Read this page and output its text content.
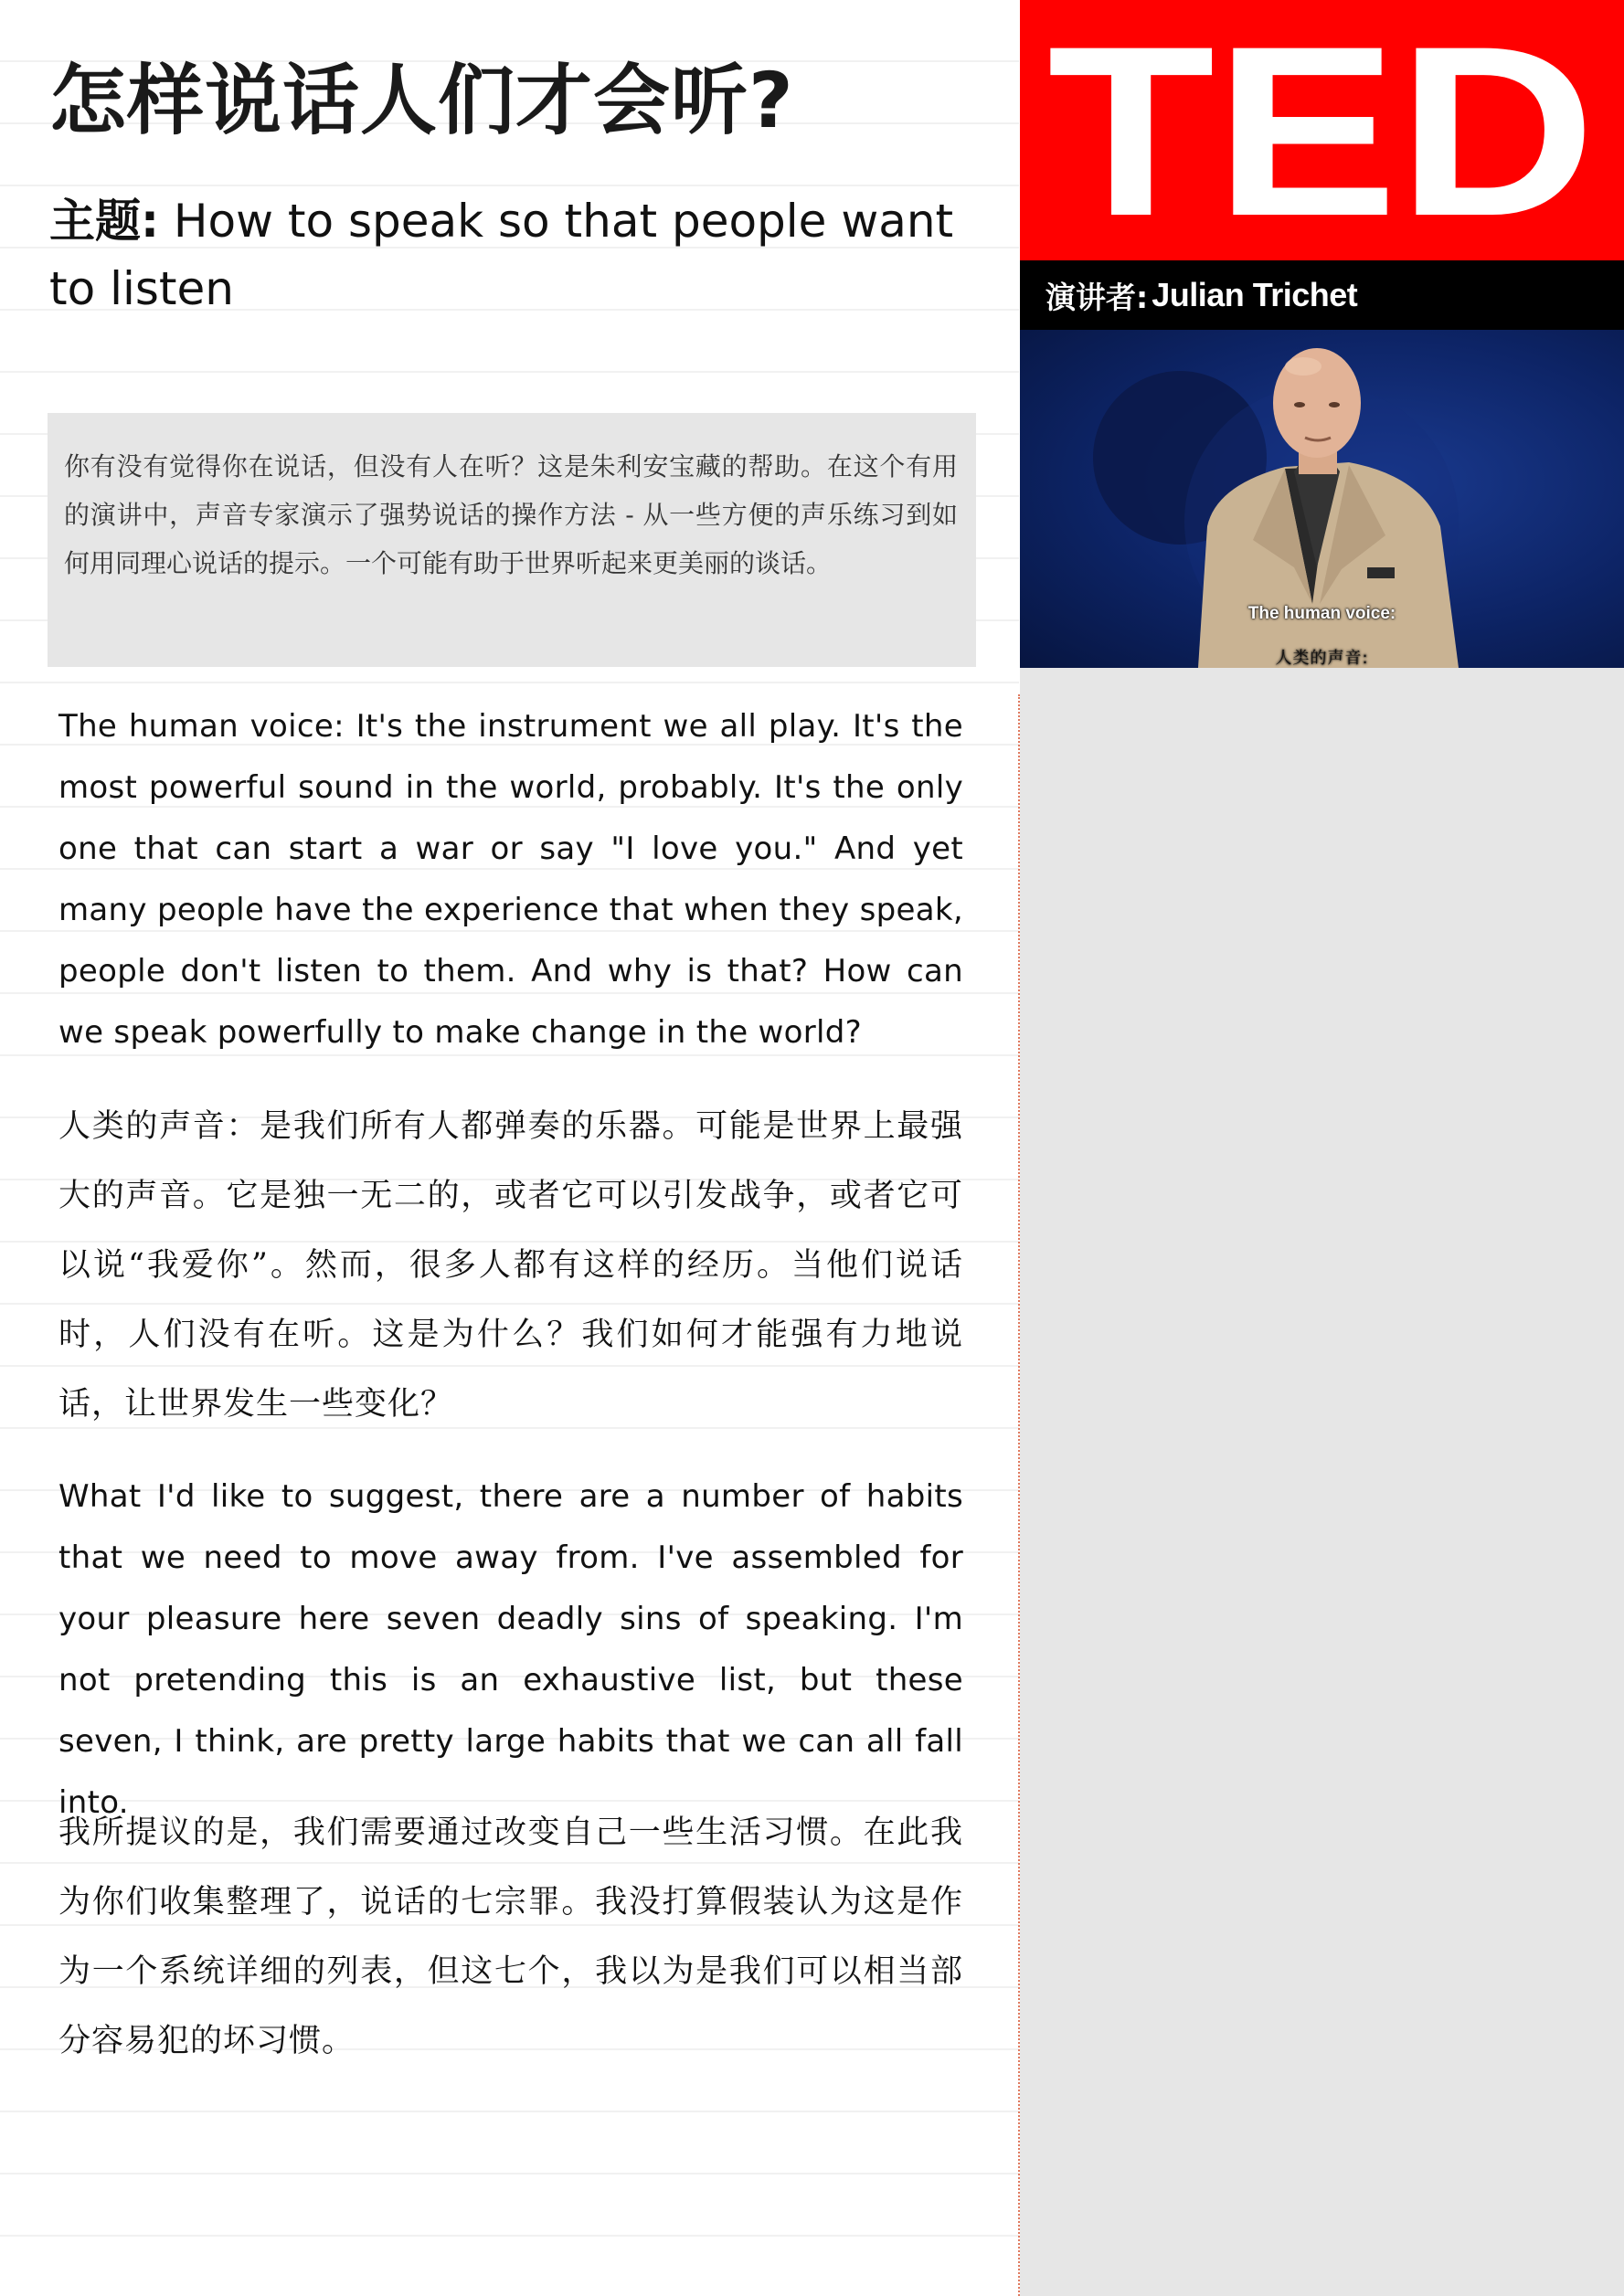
怎样说话人们才会听?

主题: How to speak so that people want to listen

TED
演讲者: Julian Trichet
The human voice:
人类的声音:

你有没有觉得你在说话，但没有人在听？这是朱利安宝藏的帮助。在这个有用的演讲中，声音专家演示了强势说话的操作方法 - 从一些方便的声乐练习到如何用同理心说话的提示。一个可能有助于世界听起来更美丽的谈话。

The human voice: It's the instrument we all play. It's the most powerful sound in the world, probably. It's the only one that can start a war or say "I love you." And yet many people have the experience that when they speak, people don't listen to them. And why is that? How can we speak powerfully to make change in the world?

人类的声音：是我们所有人都弹奏的乐器。可能是世界上最强大的声音。它是独一无二的，或者它可以引发战争，或者它可以说“我爱你”。然而，很多人都有这样的经历。当他们说话时，人们没有在听。这是为什么？我们如何才能强有力地说话，让世界发生一些变化？

What I'd like to suggest, there are a number of habits that we need to move away from. I've assembled for your pleasure here seven deadly sins of speaking. I'm not pretending this is an exhaustive list, but these seven, I think, are pretty large habits that we can all fall into.

我所提议的是，我们需要通过改变自己一些生活习惯。在此我为你们收集整理了，说话的七宗罪。我没打算假装认为这是作为一个系统详细的列表，但这七个，我以为是我们可以相当部分容易犯的坏习惯。
